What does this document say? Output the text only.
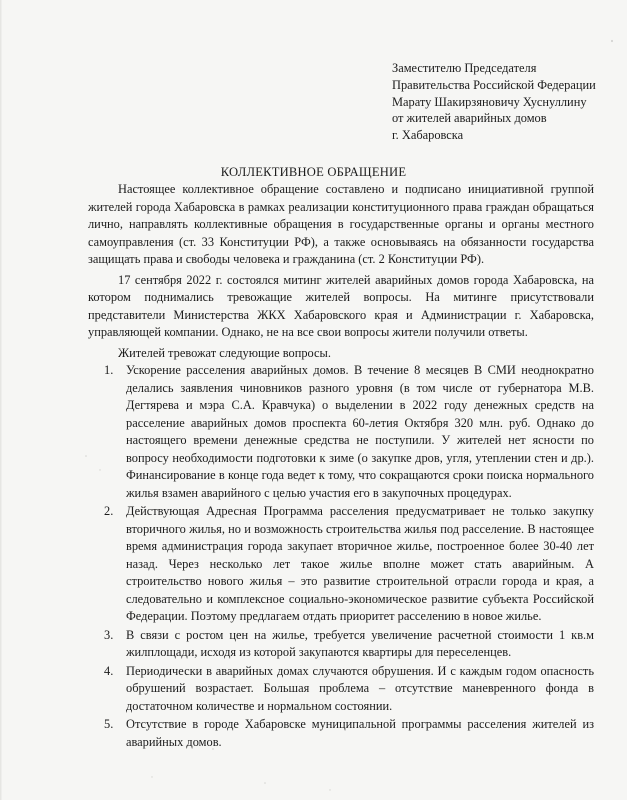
Заместителю Председателя
Правительства Российской Федерации
Марату Шакирзяновичу Хуснуллину
от жителей аварийных домов
г. Хабаровска
КОЛЛЕКТИВНОЕ ОБРАЩЕНИЕ

Настоящее коллективное обращение составлено и подписано инициативной группой жителей города Хабаровска в рамках реализации конституционного права граждан обращаться лично, направлять коллективные обращения в государственные органы и органы местного самоуправления (ст. 33 Конституции РФ), а также основываясь на обязанности государства защищать права и свободы человека и гражданина (ст. 2 Конституции РФ).

17 сентября 2022 г. состоялся митинг жителей аварийных домов города Хабаровска, на котором поднимались тревожащие жителей вопросы. На митинге присутствовали представители Министерства ЖКХ Хабаровского края и Администрации г. Хабаровска, управляющей компании. Однако, не на все свои вопросы жители получили ответы.

Жителей тревожат следующие вопросы.

1.	Ускорение расселения аварийных домов. В течение 8 месяцев В СМИ неоднократно делались заявления чиновников разного уровня (в том числе от губернатора М.В. Дегтярева и мэра С.А. Кравчука) о выделении в 2022 году денежных средств на расселение аварийных домов проспекта 60-летия Октября 320 млн. руб. Однако до настоящего времени денежные средства не поступили. У жителей нет ясности по вопросу необходимости подготовки к зиме (о закупке дров, угля, утеплении стен и др.). Финансирование в конце года ведет к тому, что сокращаются сроки поиска нормального жилья взамен аварийного с целью участия его в закупочных процедурах.
2.	Действующая Адресная Программа расселения предусматривает не только закупку вторичного жилья, но и возможность строительства жилья под расселение. В настоящее время администрация города закупает вторичное жилье, построенное более 30-40 лет назад. Через несколько лет такое жилье вполне может стать аварийным. А строительство нового жилья – это развитие строительной отрасли города и края, а следовательно и комплексное социально-экономическое развитие субъекта Российской Федерации. Поэтому предлагаем отдать приоритет расселению в новое жилье.
3.	В связи с ростом цен на жилье, требуется увеличение расчетной стоимости 1 кв.м жилплощади, исходя из которой закупаются квартиры для переселенцев.
4.	Периодически в аварийных домах случаются обрушения. И с каждым годом опасность обрушений возрастает. Большая проблема – отсутствие маневренного фонда в достаточном количестве и нормальном состоянии.
5.	Отсутствие в городе Хабаровске муниципальной программы расселения жителей из аварийных домов.
